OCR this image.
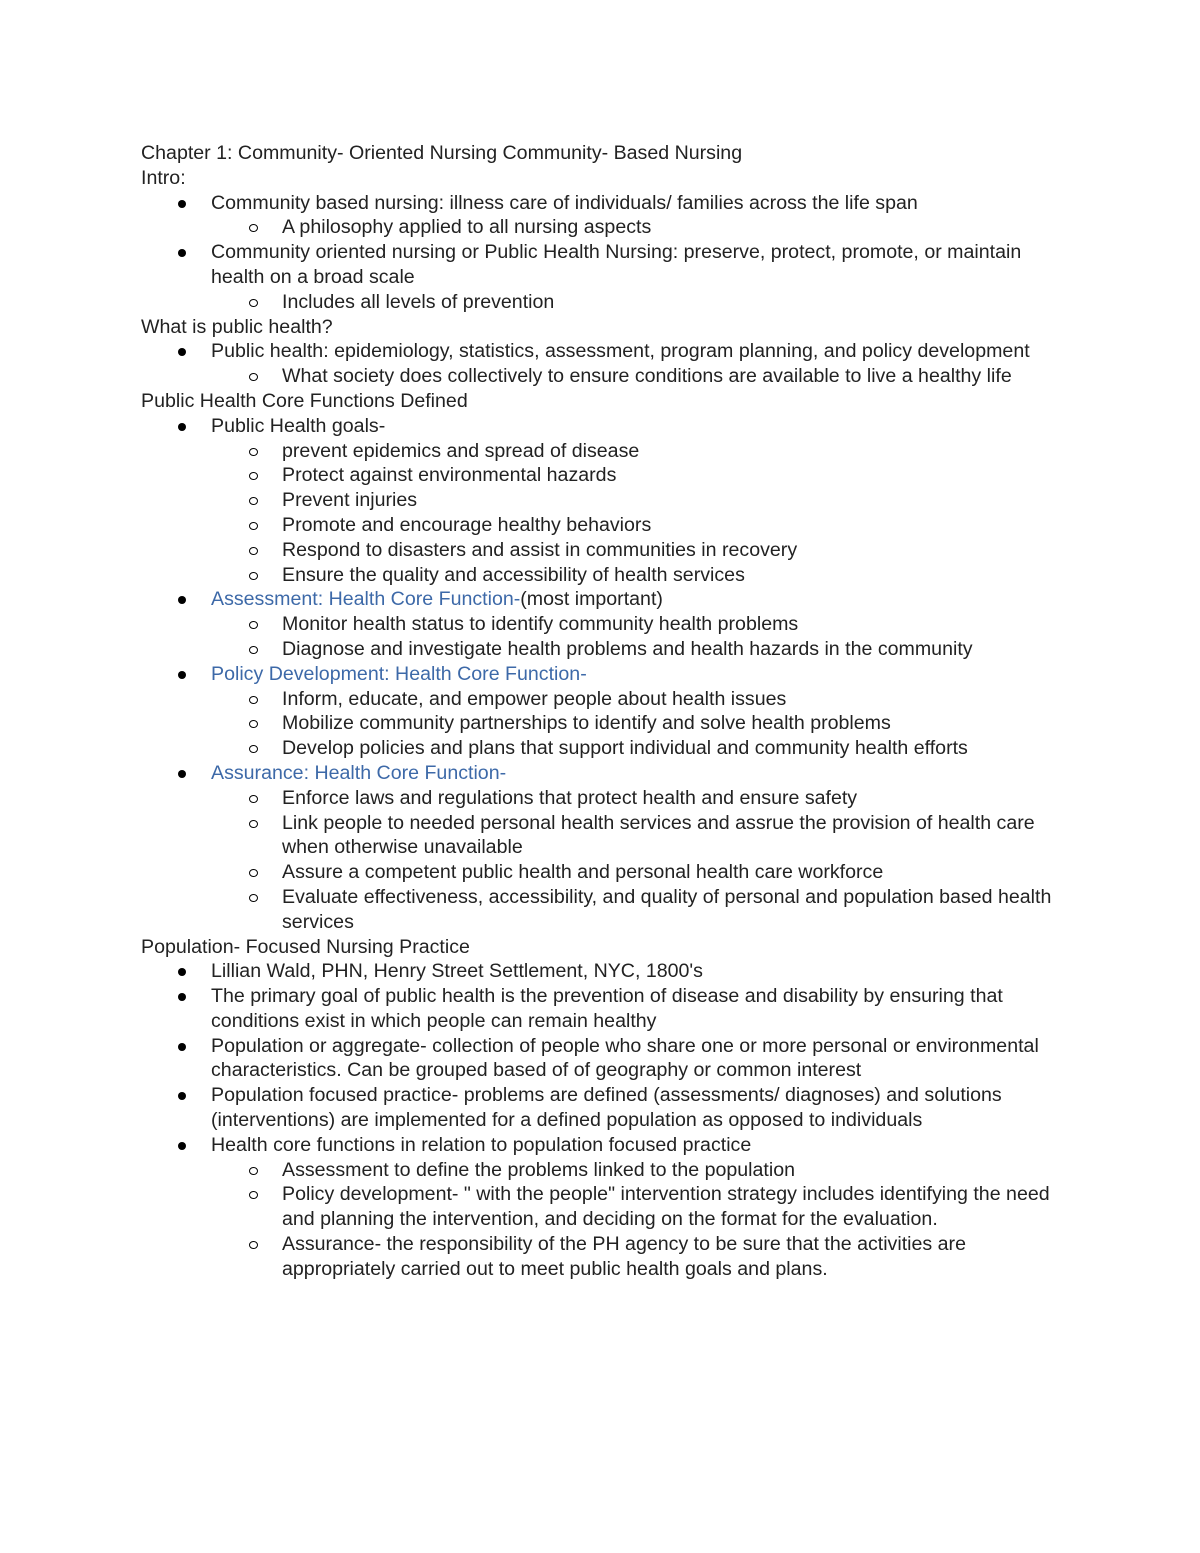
Chapter 1: Community- Oriented Nursing Community- Based Nursing
Intro:
Community based nursing: illness care of individuals/ families across the life span
A philosophy applied to all nursing aspects
Community oriented nursing or Public Health Nursing: preserve, protect, promote, or maintain health on a broad scale
Includes all levels of prevention
What is public health?
Public health: epidemiology, statistics, assessment, program planning, and policy development
What society does collectively to ensure conditions are available to live a healthy life
Public Health Core Functions Defined
Public Health goals-
prevent epidemics and spread of disease
Protect against environmental hazards
Prevent injuries
Promote and encourage healthy behaviors
Respond to disasters and assist in communities in recovery
Ensure the quality and accessibility of health services
Assessment: Health Core Function-(most important)
Monitor health status to identify community health problems
Diagnose and investigate health problems and health hazards in the community
Policy Development: Health Core Function-
Inform, educate, and empower people about health issues
Mobilize community partnerships to identify and solve health problems
Develop policies and plans that support individual and community health efforts
Assurance: Health Core Function-
Enforce laws and regulations that protect health and ensure safety
Link people to needed personal health services and assrue the provision of health care when otherwise unavailable
Assure a competent public health and personal health care workforce
Evaluate effectiveness, accessibility, and quality of personal and population based health services
Population- Focused Nursing Practice
Lillian Wald, PHN, Henry Street Settlement, NYC, 1800's
The primary goal of public health is the prevention of disease and disability by ensuring that conditions exist in which people can remain healthy
Population or aggregate- collection of people who share one or more personal or environmental characteristics. Can be grouped based of of geography or common interest
Population focused practice- problems are defined (assessments/ diagnoses) and solutions (interventions) are implemented for a defined population as opposed to individuals
Health core functions in relation to population focused practice
Assessment to define the problems linked to the population
Policy development- " with the people" intervention strategy includes identifying the need and planning the intervention, and deciding on the format for the evaluation.
Assurance- the responsibility of the PH agency to be sure that the activities are appropriately carried out to meet public health goals and plans.
